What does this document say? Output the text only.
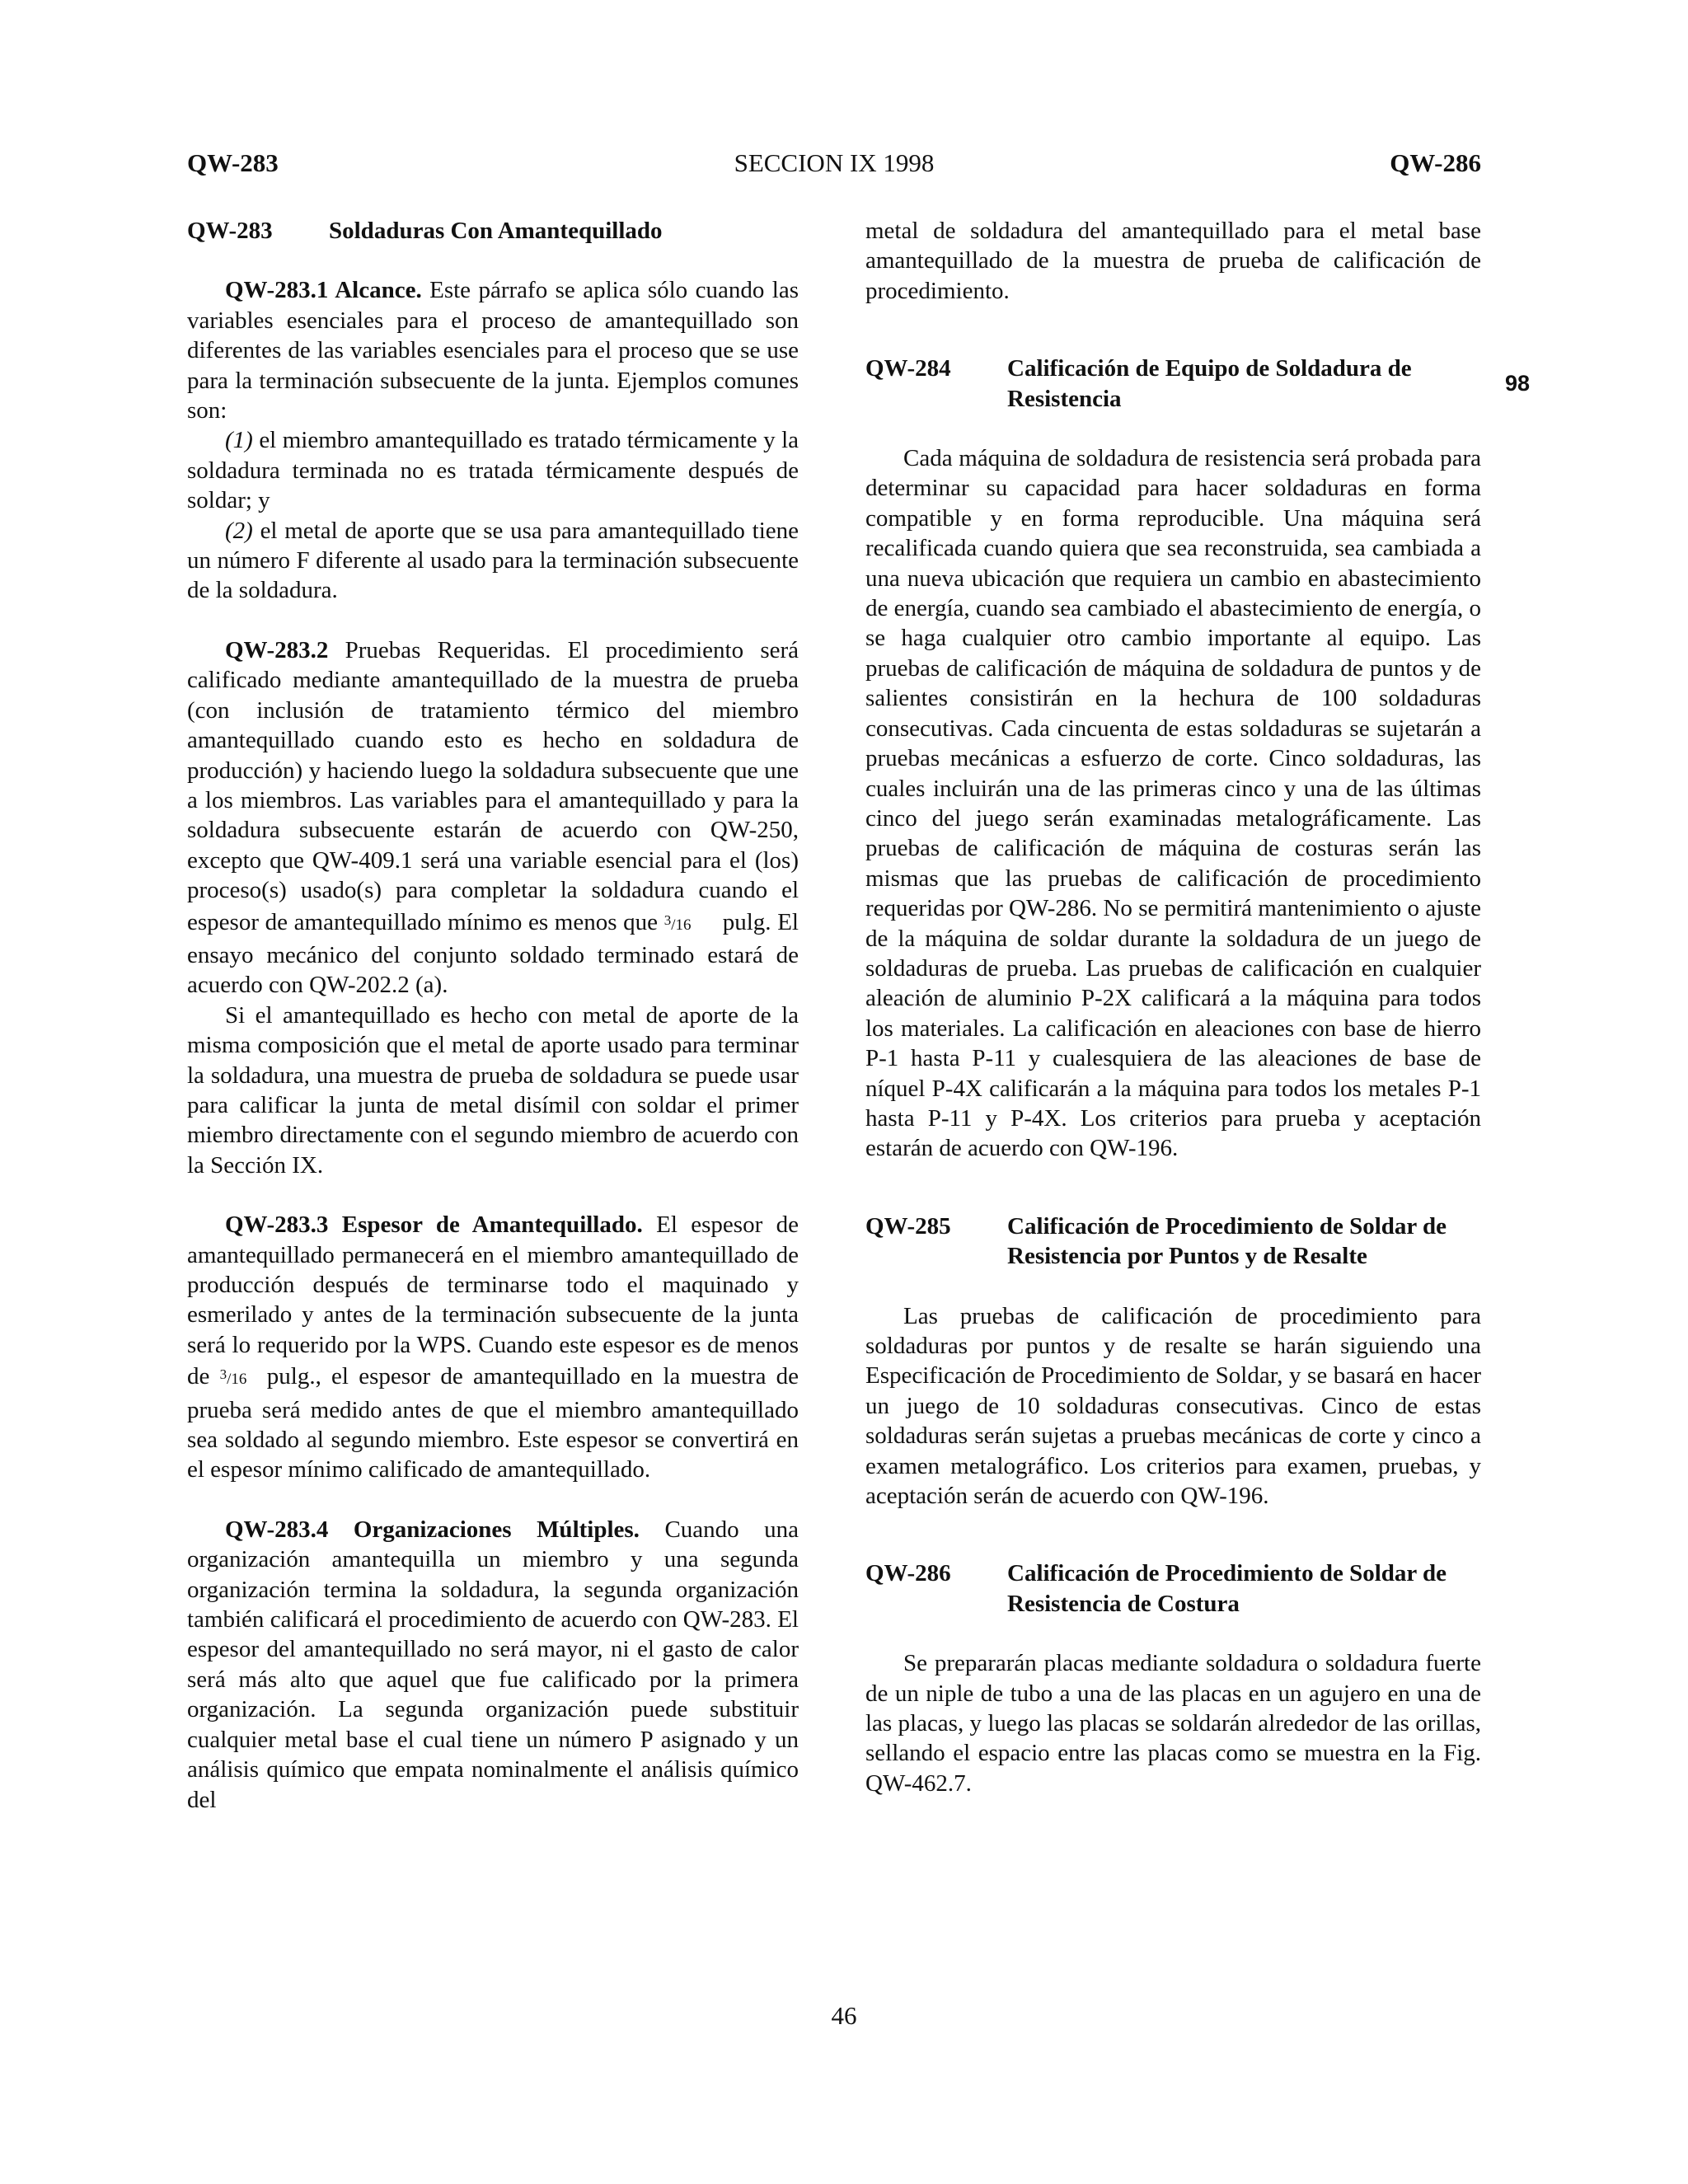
QW-283	SECCION IX 1998	QW-286
QW-283	Soldaduras Con Amantequillado

QW-283.1 Alcance. Este párrafo se aplica sólo cuando las variables esenciales para el proceso de amantequillado son diferentes de las variables esenciales para el proceso que se use para la terminación subsecuente de la junta. Ejemplos comunes son:

(1) el miembro amantequillado es tratado térmicamente y la soldadura terminada no es tratada térmicamente después de soldar; y

(2) el metal de aporte que se usa para amantequillado tiene un número F diferente al usado para la terminación subsecuente de la soldadura.

QW-283.2 Pruebas Requeridas. El procedimiento será calificado mediante amantequillado de la muestra de prueba (con inclusión de tratamiento térmico del miembro amantequillado cuando esto es hecho en soldadura de producción) y haciendo luego la soldadura subsecuente que une a los miembros. Las variables para el amantequillado y para la soldadura subsecuente estarán de acuerdo con QW-250, excepto que QW-409.1 será una variable esencial para el (los) proceso(s) usado(s) para completar la soldadura cuando el espesor de amantequillado mínimo es menos que $^3$/16 pulg. El ensayo mecánico del conjunto soldado terminado estará de acuerdo con QW-202.2 (a).

Si el amantequillado es hecho con metal de aporte de la misma composición que el metal de aporte usado para terminar la soldadura, una muestra de prueba de soldadura se puede usar para calificar la junta de metal disímil con soldar el primer miembro directamente con el segundo miembro de acuerdo con la Sección IX.

QW-283.3 Espesor de Amantequillado. El espesor de amantequillado permanecerá en el miembro amantequillado de producción después de terminarse todo el maquinado y esmerilado y antes de la terminación subsecuente de la junta será lo requerido por la WPS. Cuando este espesor es de menos de $^3$/16 pulg., el espesor de amantequillado en la muestra de prueba será medido antes de que el miembro amantequillado sea soldado al segundo miembro. Este espesor se convertirá en el espesor mínimo calificado de amantequillado.

QW-283.4 Organizaciones Múltiples. Cuando una organización amantequilla un miembro y una segunda organización termina la soldadura, la segunda organización también calificará el procedimiento de acuerdo con QW-283. El espesor del amantequillado no será mayor, ni el gasto de calor será más alto que aquel que fue calificado por la primera organización. La segunda organización puede substituir cualquier metal base el cual tiene un número P asignado y un análisis químico que empata nominalmente el análisis químico del

metal de soldadura del amantequillado para el metal base amantequillado de la muestra de prueba de calificación de procedimiento.

QW-284	Calificación de Equipo de Soldadura de Resistencia

Cada máquina de soldadura de resistencia será probada para determinar su capacidad para hacer soldaduras en forma compatible y en forma reproducible. Una máquina será recalificada cuando quiera que sea reconstruida, sea cambiada a una nueva ubicación que requiera un cambio en abastecimiento de energía, cuando sea cambiado el abastecimiento de energía, o se haga cualquier otro cambio importante al equipo. Las pruebas de calificación de máquina de soldadura de puntos y de salientes consistirán en la hechura de 100 soldaduras consecutivas. Cada cincuenta de estas soldaduras se sujetarán a pruebas mecánicas a esfuerzo de corte. Cinco soldaduras, las cuales incluirán una de las primeras cinco y una de las últimas cinco del juego serán examinadas metalográficamente. Las pruebas de calificación de máquina de costuras serán las mismas que las pruebas de calificación de procedimiento requeridas por QW-286. No se permitirá mantenimiento o ajuste de la máquina de soldar durante la soldadura de un juego de soldaduras de prueba. Las pruebas de calificación en cualquier aleación de aluminio P-2X calificará a la máquina para todos los materiales. La calificación en aleaciones con base de hierro P-1 hasta P-11 y cualesquiera de las aleaciones de base de níquel P-4X calificarán a la máquina para todos los metales P-1 hasta P-11 y P-4X. Los criterios para prueba y aceptación estarán de acuerdo con QW-196.

QW-285	Calificación de Procedimiento de Soldar de Resistencia por Puntos y de Resalte

Las pruebas de calificación de procedimiento para soldaduras por puntos y de resalte se harán siguiendo una Especificación de Procedimiento de Soldar, y se basará en hacer un juego de 10 soldaduras consecutivas. Cinco de estas soldaduras serán sujetas a pruebas mecánicas de corte y cinco a examen metalográfico. Los criterios para examen, pruebas, y aceptación serán de acuerdo con QW-196.

QW-286	Calificación de Procedimiento de Soldar de Resistencia de Costura

Se prepararán placas mediante soldadura o soldadura fuerte de un niple de tubo a una de las placas en un agujero en una de las placas, y luego las placas se soldarán alrededor de las orillas, sellando el espacio entre las placas como se muestra en la Fig. QW-462.7.

98
46
